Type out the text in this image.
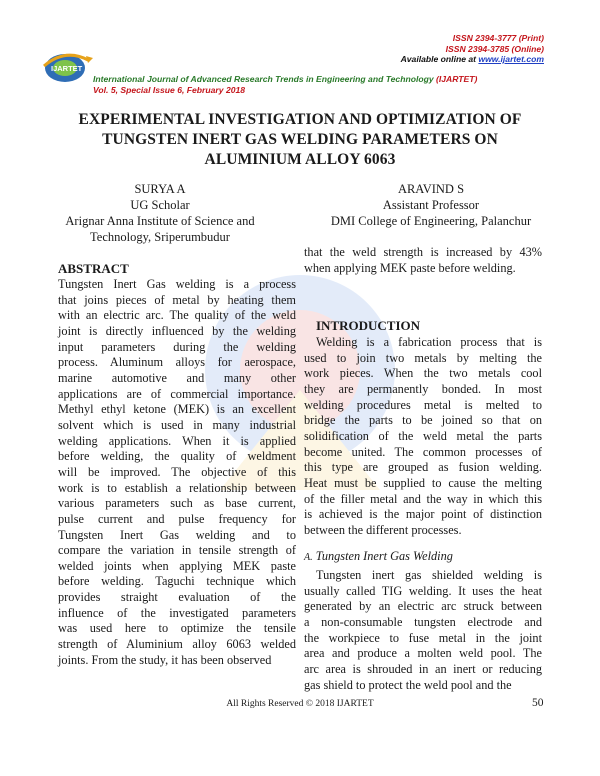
IJARTET
ISSN 2394-3777 (Print)
ISSN 2394-3785 (Online)
Available online at www.ijartet.com
International Journal of Advanced Research Trends in Engineering and Technology (IJARTET)
Vol. 5, Special Issue 6, February 2018
EXPERIMENTAL INVESTIGATION AND OPTIMIZATION OF
TUNGSTEN INERT GAS WELDING PARAMETERS ON
ALUMINIUM ALLOY 6063
SURYA A
UG Scholar
Arignar Anna Institute of Science and
Technology, Sriperumbudur
ARAVIND S
Assistant Professor
DMI College of Engineering, Palanchur
ABSTRACT
Tungsten Inert Gas welding is a process
that joins pieces of metal by heating them
with an electric arc. The quality of the weld
joint is directly influenced by the welding
input parameters during the welding
process. Aluminum alloys for aerospace,
marine automotive and many other
applications are of commercial importance.
Methyl ethyl ketone (MEK) is an excellent
solvent which is used in many industrial
welding applications. When it is applied
before welding, the quality of weldment
will be improved. The objective of this
work is to establish a relationship between
various parameters such as base current,
pulse current and pulse frequency for
Tungsten Inert Gas welding and to
compare the variation in tensile strength of
welded joints when applying MEK paste
before welding. Taguchi technique which
provides straight evaluation of the
influence of the investigated parameters
was used here to optimize the tensile
strength of Aluminium alloy 6063 welded
joints. From the study, it has been observed
that the weld strength is increased by 43%
when applying MEK paste before welding.
INTRODUCTION
Welding is a fabrication process that is
used to join two metals by melting the
work pieces. When the two metals cool
they are permanently bonded. In most
welding procedures metal is melted to
bridge the parts to be joined so that on
solidification of the weld metal the parts
become united. The common processes of
this type are grouped as fusion welding.
Heat must be supplied to cause the melting
of the filler metal and the way in which this
is achieved is the major point of distinction
between the different processes.
A. Tungsten Inert Gas Welding
Tungsten inert gas shielded welding is
usually called TIG welding. It uses the heat
generated by an electric arc struck between
a non-consumable tungsten electrode and
the workpiece to fuse metal in the joint
area and produce a molten weld pool. The
arc area is shrouded in an inert or reducing
gas shield to protect the weld pool and the
All Rights Reserved © 2018 IJARTET	50
